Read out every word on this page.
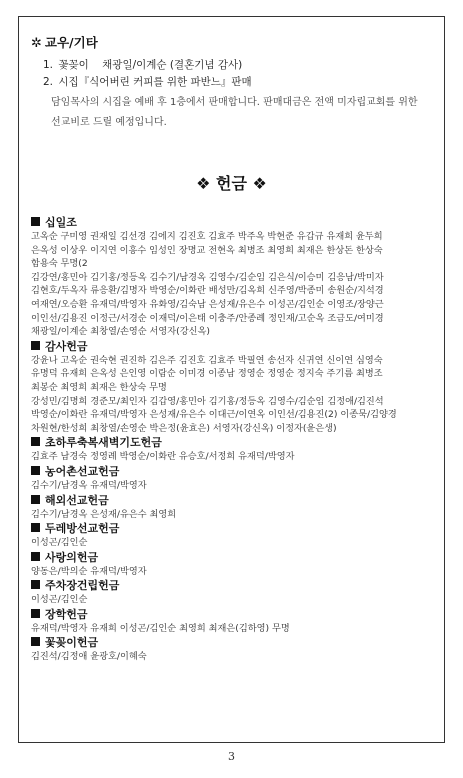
✲ 교우/기타
1. 꽃꽂이 채광일/이계순 (결혼기념 감사)
2. 시집『식어버린 커피를 위한 파반느』판매
담임목사의 시집을 예배 후 1층에서 판매합니다. 판매대금은 전액 미자립교회를 위한
선교비로 드릴 예정입니다.
❖ 헌금 ❖
십일조
고옥순 구미영 권재일 김선경 김에지 김진호 김효주 박주옥 박현준 유갑규 유재희 윤두희
은옥성 이상우 이지연 이흥수 임성인 장명교 전현옥 최병조 최영희 최재은 한상돈 한상숙
함용숙 무명(2
김강연/홍민아 김기홍/정등옥 김수기/남경옥 김영수/김순임 김은식/이승미 김응남/박미자
김현호/두옥자 류응환/김명자 박영순/이화란 배성만/김옥희 신주영/박종미 송원순/지석경
여재연/오승환 유재덕/박영자 유화영/김숙남 은성재/유은수 이성곤/김인순 이영조/장양근
이인선/김용진 이정근/서경순 이재덕/이은태 이충주/안종례 정인재/고순옥 조금도/여미경
채광일/이계순 최창열/손영순 서영자(강신옥)
감사헌금
강윤나 고옥순 권숙현 권진하 김은주 김진호 김효주 박필연 송선자 신귀연 신이연 심영숙
유명덕 유재희 은옥성 은인영 이람순 이미경 이종남 정영순 정영순 정지숙 주기름 최병조
최봉순 최영희 최재은 한상숙 무명
강성민/김명희 경준모/최인자 김갑영/홍민아 김기홍/정등옥 김영수/김순임 김정애/김진석
박영순/이화란 유재덕/박영자 은성재/유은수 이대근/이연옥 이인선/김용진(2) 이종묵/김양경
차원현/한성희 최창열/손영순 박은정(윤효은) 서영자(강신옥) 이정자(윤은생)
초하루축복새벽기도헌금
김효주 남경숙 정영례 박영순/이화란 유승호/서정희 유재덕/박영자
농어촌선교헌금
김수기/남경옥 유재덕/박영자
해외선교헌금
김수기/남경옥 은성재/유은수 최영희
두레방선교헌금
이성곤/김인순
사랑의헌금
양동은/박의순 유재덕/박영자
주차장건립헌금
이성곤/김인순
장학헌금
유재덕/박영자 유재희 이성곤/김인순 최영희 최재은(김하영) 무명
꽃꽂이헌금
김진석/김정애 윤광호/이혜숙
3
